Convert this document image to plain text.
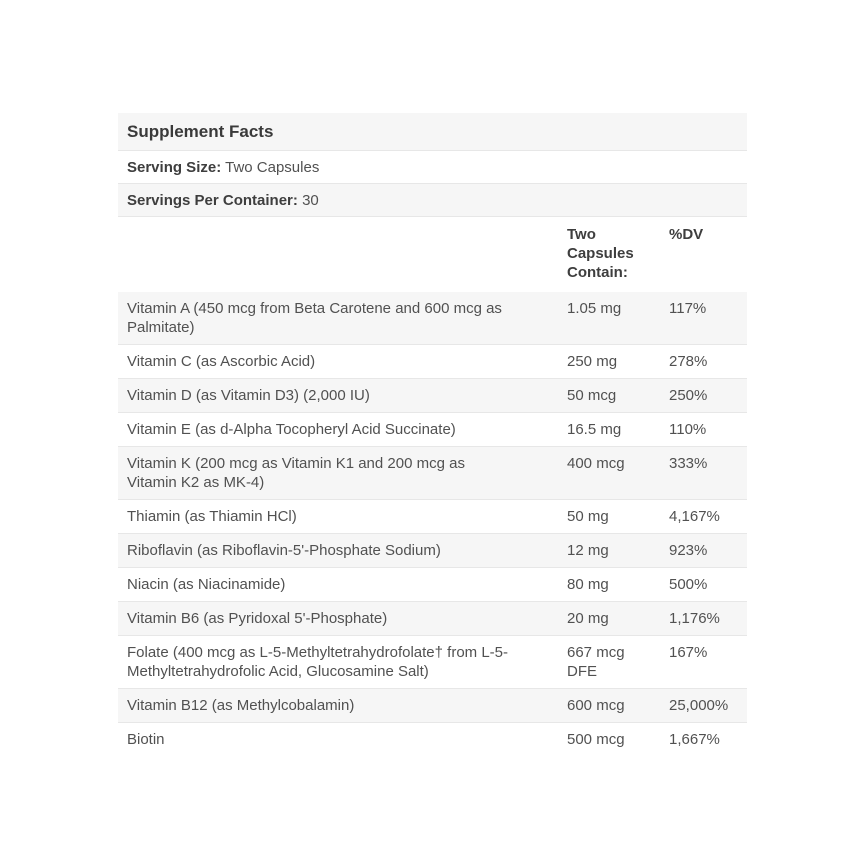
Supplement Facts		
Serving Size: Two Capsules		
Servings Per Container: 30		
	Two Capsules Contain:	%DV
Vitamin A (450 mcg from Beta Carotene and 600 mcg as Palmitate)	1.05 mg	117%
Vitamin C (as Ascorbic Acid)	250 mg	278%
Vitamin D (as Vitamin D3) (2,000 IU)	50 mcg	250%
Vitamin E (as d-Alpha Tocopheryl Acid Succinate)	16.5 mg	110%
Vitamin K (200 mcg as Vitamin K1 and 200 mcg as Vitamin K2 as MK-4)	400 mcg	333%
Thiamin (as Thiamin HCl)	50 mg	4,167%
Riboflavin (as Riboflavin-5'-Phosphate Sodium)	12 mg	923%
Niacin (as Niacinamide)	80 mg	500%
Vitamin B6 (as Pyridoxal 5'-Phosphate)	20 mg	1,176%
Folate (400 mcg as L-5-Methyltetrahydrofolate† from L-5-Methyltetrahydrofolic Acid, Glucosamine Salt)	667 mcg DFE	167%
Vitamin B12 (as Methylcobalamin)	600 mcg	25,000%
Biotin	500 mcg	1,667%
